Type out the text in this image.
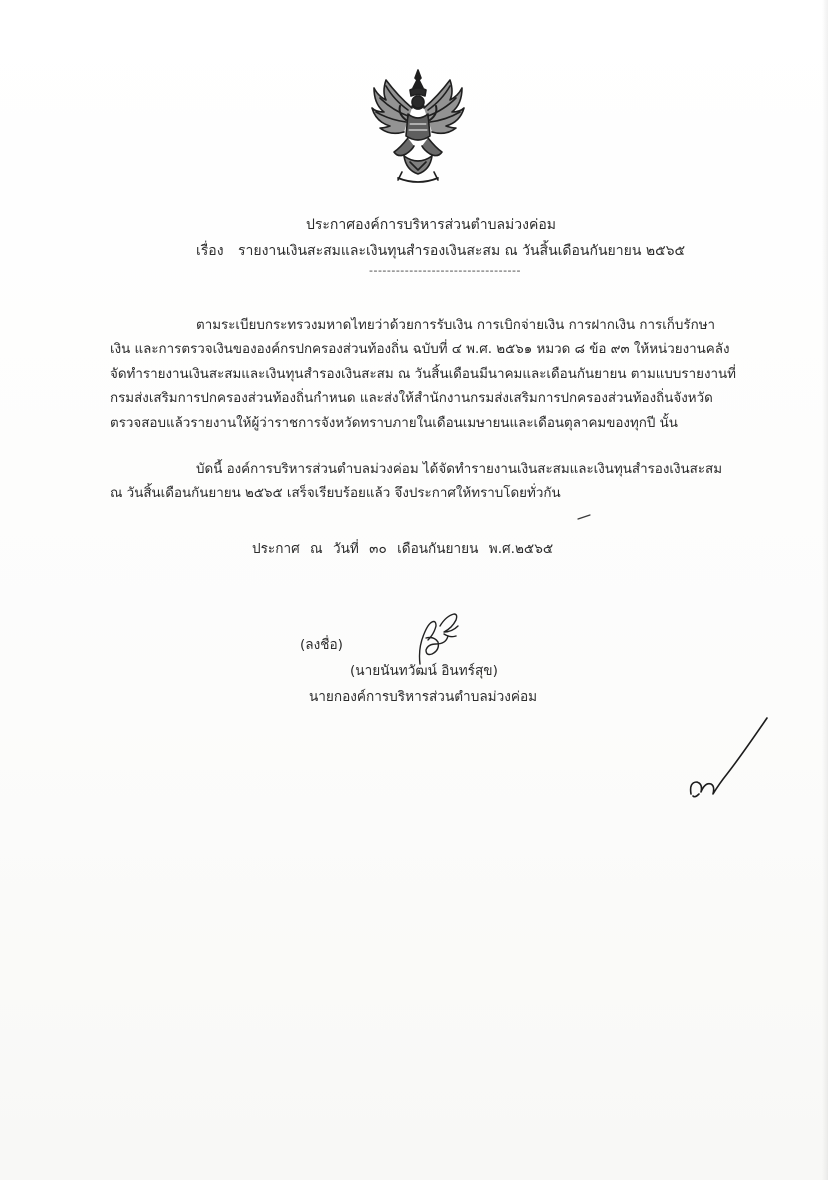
ประกาศองค์การบริหารส่วนตำบลม่วงค่อม
เรื่อง รายงานเงินสะสมและเงินทุนสำรองเงินสะสม ณ วันสิ้นเดือนกันยายน ๒๕๖๕
----------------------------------
ตามระเบียบกระทรวงมหาดไทยว่าด้วยการรับเงิน การเบิกจ่ายเงิน การฝากเงิน การเก็บรักษา
เงิน และการตรวจเงินขององค์กรปกครองส่วนท้องถิ่น ฉบับที่ ๔ พ.ศ. ๒๕๖๑ หมวด ๘ ข้อ ๙๓ ให้หน่วยงานคลัง
จัดทำรายงานเงินสะสมและเงินทุนสำรองเงินสะสม ณ วันสิ้นเดือนมีนาคมและเดือนกันยายน ตามแบบรายงานที่
กรมส่งเสริมการปกครองส่วนท้องถิ่นกำหนด และส่งให้สำนักงานกรมส่งเสริมการปกครองส่วนท้องถิ่นจังหวัด
ตรวจสอบแล้วรายงานให้ผู้ว่าราชการจังหวัดทราบภายในเดือนเมษายนและเดือนตุลาคมของทุกปี นั้น
บัดนี้ องค์การบริหารส่วนตำบลม่วงค่อม ได้จัดทำรายงานเงินสะสมและเงินทุนสำรองเงินสะสม
ณ วันสิ้นเดือนกันยายน ๒๕๖๕ เสร็จเรียบร้อยแล้ว จึงประกาศให้ทราบโดยทั่วกัน
ประกาศ ณ วันที่ ๓๐ เดือนกันยายน พ.ศ.๒๕๖๕
(ลงชื่อ)
(นายนันทวัฒน์ อินทร์สุข)
นายกองค์การบริหารส่วนตำบลม่วงค่อม
